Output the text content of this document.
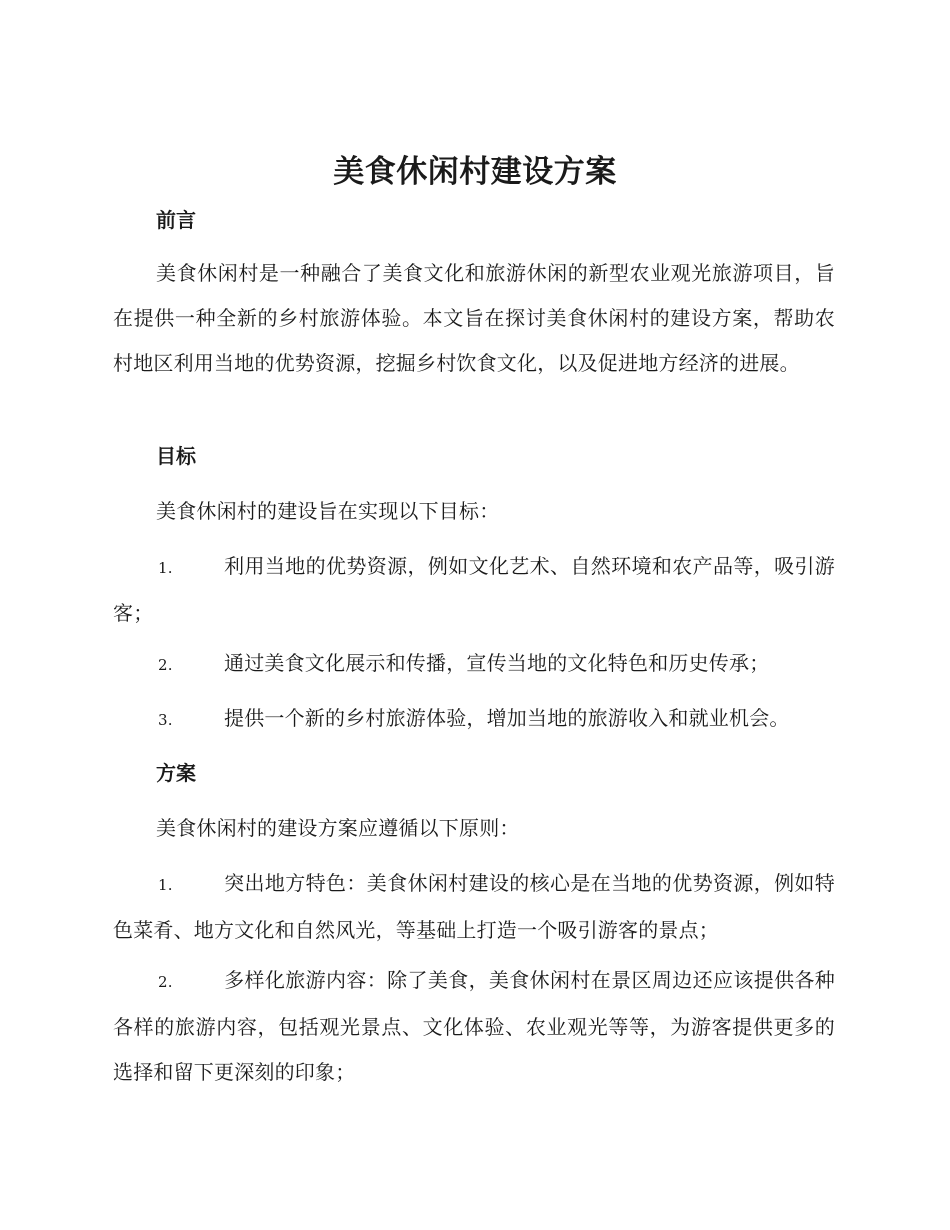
美食休闲村建设方案
前言
美食休闲村是一种融合了美食文化和旅游休闲的新型农业观光旅游项目，旨在提供一种全新的乡村旅游体验。本文旨在探讨美食休闲村的建设方案，帮助农村地区利用当地的优势资源，挖掘乡村饮食文化，以及促进地方经济的进展。
目标
美食休闲村的建设旨在实现以下目标：
1.	利用当地的优势资源，例如文化艺术、自然环境和农产品等，吸引游客；
2.	通过美食文化展示和传播，宣传当地的文化特色和历史传承；
3.	提供一个新的乡村旅游体验，增加当地的旅游收入和就业机会。
方案
美食休闲村的建设方案应遵循以下原则：
1.	突出地方特色：美食休闲村建设的核心是在当地的优势资源，例如特色菜肴、地方文化和自然风光，等基础上打造一个吸引游客的景点；
2.	多样化旅游内容：除了美食，美食休闲村在景区周边还应该提供各种各样的旅游内容，包括观光景点、文化体验、农业观光等等，为游客提供更多的选择和留下更深刻的印象；
